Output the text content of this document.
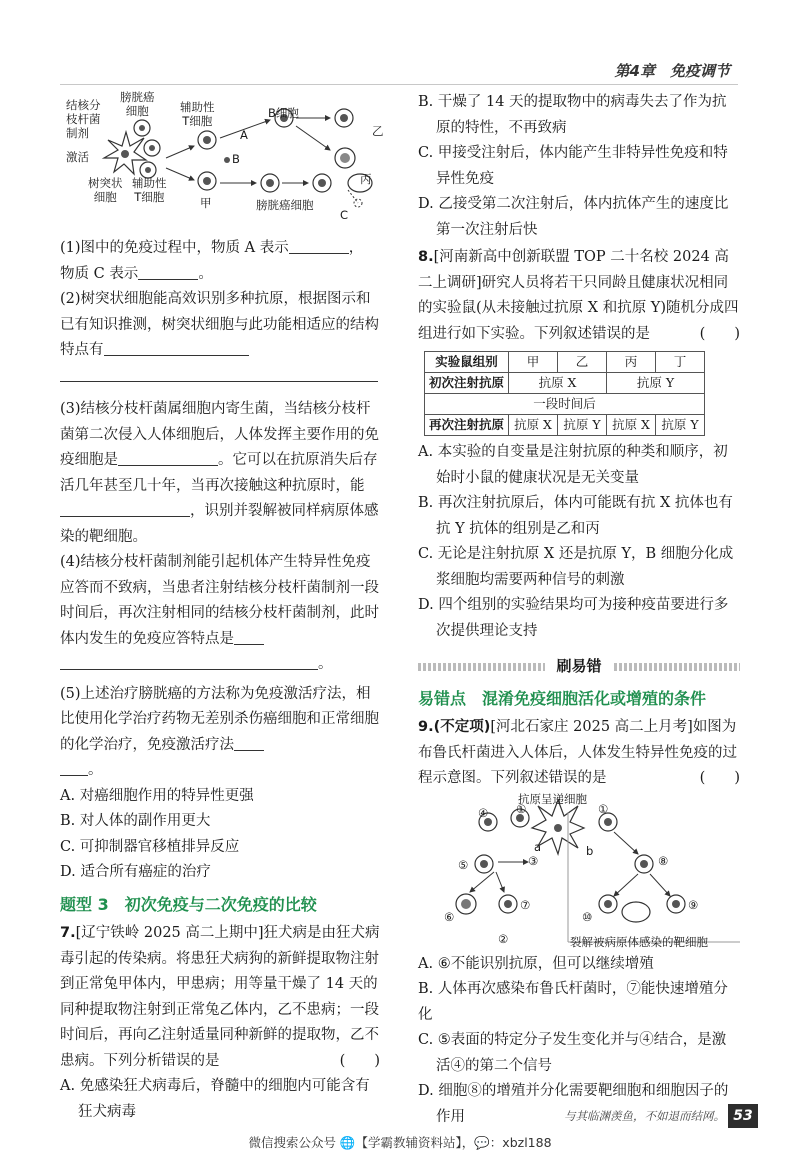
第4章　免疫调节
结核分
枝杆菌
制剂
激活
树突状
细胞
膀胱癌
细胞
辅助性
T细胞
辅助性
T细胞
B细胞
A
B
甲
乙
丙
膀胱癌细胞
C

(1)图中的免疫过程中，物质 A 表示	，
物质 C 表示	。

(2)树突状细胞能高效识别多种抗原，根据图示和已有知识推测，树突状细胞与此功能相适应的结构特点有

(3)结核分枝杆菌属细胞内寄生菌，当结核分枝杆菌第二次侵入人体细胞后，人体发挥主要作用的免疫细胞是	。它可以在抗原消失后存活几年甚至几十年，当再次接触这种抗原时，能，识别并裂解被同样病原体感染的靶细胞。

(4)结核分枝杆菌制剂能引起机体产生特异性免疫应答而不致病，当患者注射结核分枝杆菌制剂一段时间后，再次注射相同的结核分枝杆菌制剂，此时体内发生的免疫应答特点是
。

(5)上述治疗膀胱癌的方法称为免疫激活疗法，相比使用化学治疗药物无差别杀伤癌细胞和正常细胞的化学治疗，免疫激活疗法
。

A. 对癌细胞作用的特异性更强

B. 对人体的副作用更大

C. 可抑制器官移植排异反应

D. 适合所有癌症的治疗

题型 3　初次免疫与二次免疫的比较

7.[辽宁铁岭 2025 高二上期中]狂犬病是由狂犬病毒引起的传染病。将患狂犬病狗的新鲜提取物注射到正常兔甲体内，甲患病；用等量干燥了 14 天的同种提取物注射到正常兔乙体内，乙不患病；一段时间后，再向乙注射适量同种新鲜的提取物，乙不患病。下列分析错误的是	(　　)

A. 免感染狂犬病毒后，脊髓中的细胞内可能含有狂犬病毒

B. 干燥了 14 天的提取物中的病毒失去了作为抗原的特性，不再致病

C. 甲接受注射后，体内能产生非特异性免疫和特异性免疫

D. 乙接受第二次注射后，体内抗体产生的速度比第一次注射后快

8.[河南新高中创新联盟 TOP 二十名校 2024 高二上调研]研究人员将若干只同龄且健康状况相同的实验鼠(从未接触过抗原 X 和抗原 Y)随机分成四组进行如下实验。下列叙述错误的是	(　　)

实验鼠组别	甲	乙	丙	丁
初次注射抗原	抗原 X		抗原 Y	
一段时间后				
再次注射抗原	抗原 X	抗原 Y	抗原 X	抗原 Y

A. 本实验的自变量是注射抗原的种类和顺序，初始时小鼠的健康状况是无关变量

B. 再次注射抗原后，体内可能既有抗 X 抗体也有抗 Y 抗体的组别是乙和丙

C. 无论是注射抗原 X 还是抗原 Y，B 细胞分化成浆细胞均需要两种信号的刺激

D. 四个组别的实验结果均可为接种疫苗要进行多次提供理论支持

刷易错
易错点　混淆免疫细胞活化或增殖的条件

9.(不定项)[河北石家庄 2025 高二上月考]如图为布鲁氏杆菌进入人体后，人体发生特异性免疫的过程示意图。下列叙述错误的是	(　　)

抗原呈递细胞
裂解被病原体感染的靶细胞
a	b
④ ①
⑤	③
⑥
⑦
②
①
⑧
⑨
⑩

A. ⑥不能识别抗原，但可以继续增殖

B. 人体再次感染布鲁氏杆菌时，⑦能快速增殖分化

C. ⑤表面的特定分子发生变化并与④结合，是激活④的第二个信号

D. 细胞⑧的增殖并分化需要靶细胞和细胞因子的作用	与其临渊羡鱼，不如退而结网。 53
微信搜索公众号 🌐【学霸教辅资料站】，💬：xbzl188
